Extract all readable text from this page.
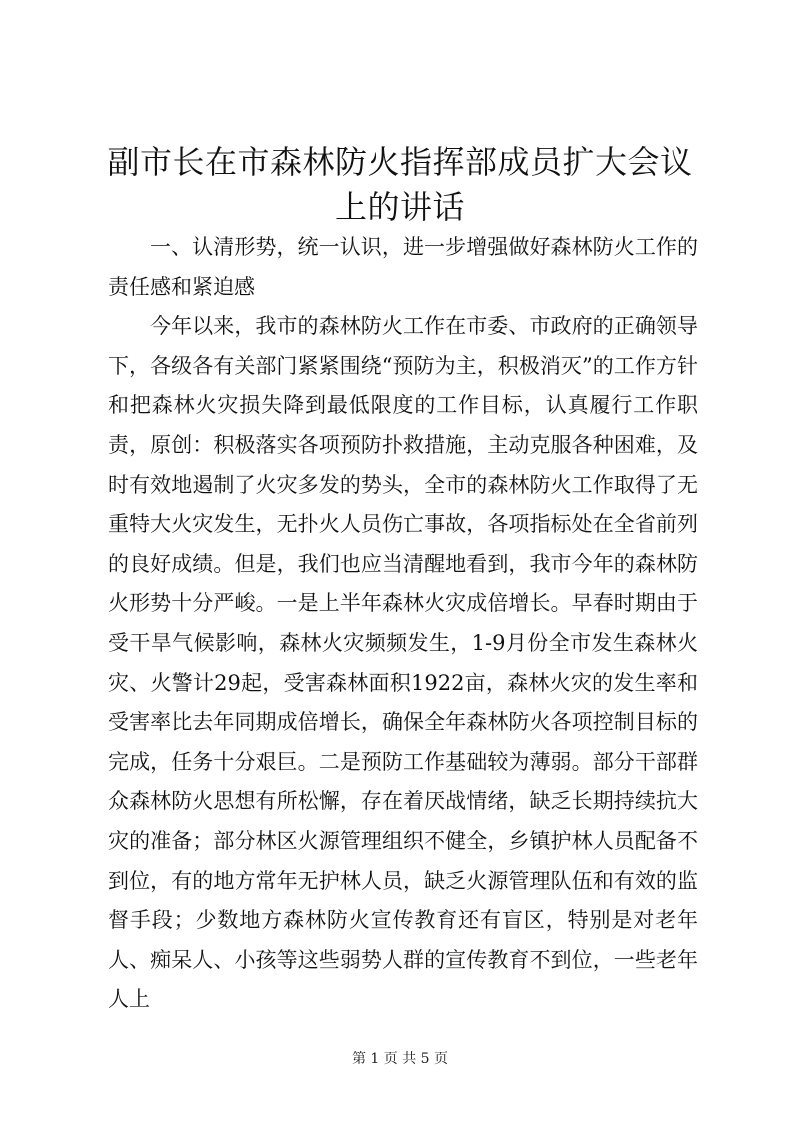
副市长在市森林防火指挥部成员扩大会议上的讲话

一、认清形势，统一认识，进一步增强做好森林防火工作的责任感和紧迫感

今年以来，我市的森林防火工作在市委、市政府的正确领导下，各级各有关部门紧紧围绕“预防为主，积极消灭”的工作方针和把森林火灾损失降到最低限度的工作目标，认真履行工作职责，原创：积极落实各项预防扑救措施，主动克服各种困难，及时有效地遏制了火灾多发的势头，全市的森林防火工作取得了无重特大火灾发生，无扑火人员伤亡事故，各项指标处在全省前列的良好成绩。但是，我们也应当清醒地看到，我市今年的森林防火形势十分严峻。一是上半年森林火灾成倍增长。早春时期由于受干旱气候影响，森林火灾频频发生，1-9月份全市发生森林火灾、火警计29起，受害森林面积1922亩，森林火灾的发生率和受害率比去年同期成倍增长，确保全年森林防火各项控制目标的完成，任务十分艰巨。二是预防工作基础较为薄弱。部分干部群众森林防火思想有所松懈，存在着厌战情绪，缺乏长期持续抗大灾的准备；部分林区火源管理组织不健全，乡镇护林人员配备不到位，有的地方常年无护林人员，缺乏火源管理队伍和有效的监督手段；少数地方森林防火宣传教育还有盲区，特别是对老年人、痴呆人、小孩等这些弱势人群的宣传教育不到位，一些老年人上

第 1 页 共 5 页
